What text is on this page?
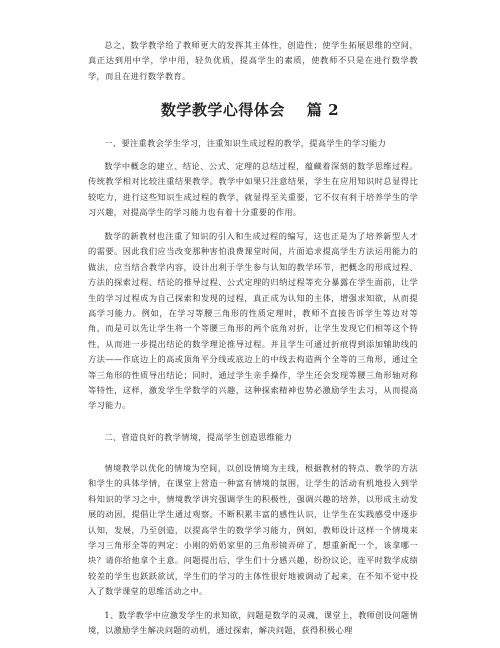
总之，数学教学给了教师更大的发挥其主体性，创造性；使学生拓展思维的空间，真正达到用中学，学中用，轻负优质，提高学生的素质，使教师不只是在进行数学教学，而且在进行数学教育。

数学教学心得体会 篇 2

一、要注重教会学生学习，注重知识生成过程的教学，提高学生的学习能力

数学中概念的建立、结论、公式、定理的总结过程，蕴藏着深刻的数学思维过程。传统教学相对比较注重结果教学。教学中如果只注意结果，学生在应用知识时总显得比较吃力，进行这些知识生成过程的教学，就显得至关重要，它不仅有利于培养学生的学习兴趣，对提高学生的学习能力也有着十分重要的作用。

数学的新教材也注重了知识的引入和生成过程的编写，这也正是为了培养新型人才的需要。因此我们应当改变那种害怕浪费课堂时间，片面追求提高学生方法运用能力的做法，应当结合教学内容，设计出利于学生参与认知的教学环节，把概念的形成过程、方法的探索过程、结论的推导过程、公式定理的归纳过程等充分暴露在学生面前，让学生的学习过程成为自己探索和发现的过程，真正成为认知的主体，增强求知欲，从而提高学习能力。例如，在学习等腰三角形的性质定理时，教师不直接告诉学生等边对等角，而是可以先让学生将一个等腰三角形的两个底角对折，让学生发现它们相等这个特性，从而进一步提出结论的数学理论推导过程。并且学生可通过折痕得到添加辅助线的方法——作底边上的高或顶角平分线或底边上的中线去构造两个全等的三角形，通过全等三角形的性质导出结论；同时，通过学生亲手操作，学生还会发现等腰三角形轴对称等特性，这样，激发学生学数学的兴趣，这种探索精神也势必激励学生去习，从而提高学习能力。

二、营造良好的教学情境，提高学生创造思维能力

情境教学以优化的情境为空间，以创设情境为主线，根据教材的特点、教学的方法和学生的具体学情，在课堂上营造一种富有情境的氛围，让学生的活动有机地投入到学科知识的学习之中，情境教学讲究强调学生的积极性，强调兴趣的培养，以形成主动发展的动因，提倡让学生通过观察，不断积累丰富的感性认识，让学生在实践感受中逐步认知，发展，乃至创造，以提高学生的数学学习能力，例如，教师设计这样一个情境来学习三角形全等的判定：小刚的奶奶家里的三角形镜弄碎了，想重新配一个，该拿哪一块？请你给他拿个主意。问题提出后，学生们十分感兴趣，纷纷议论，连平时数学成绩较差的学生也跃跃欲试，学生们的学习的主体性很好地被调动了起来，在不知不觉中投入了数学课堂的思维活动之中。

1、数学教学中应激发学生的求知欲，问题是数学的灵魂，课堂上，教师创设问题情境，以激励学生解决问题的动机，通过探索，解决问题，获得积极心理
